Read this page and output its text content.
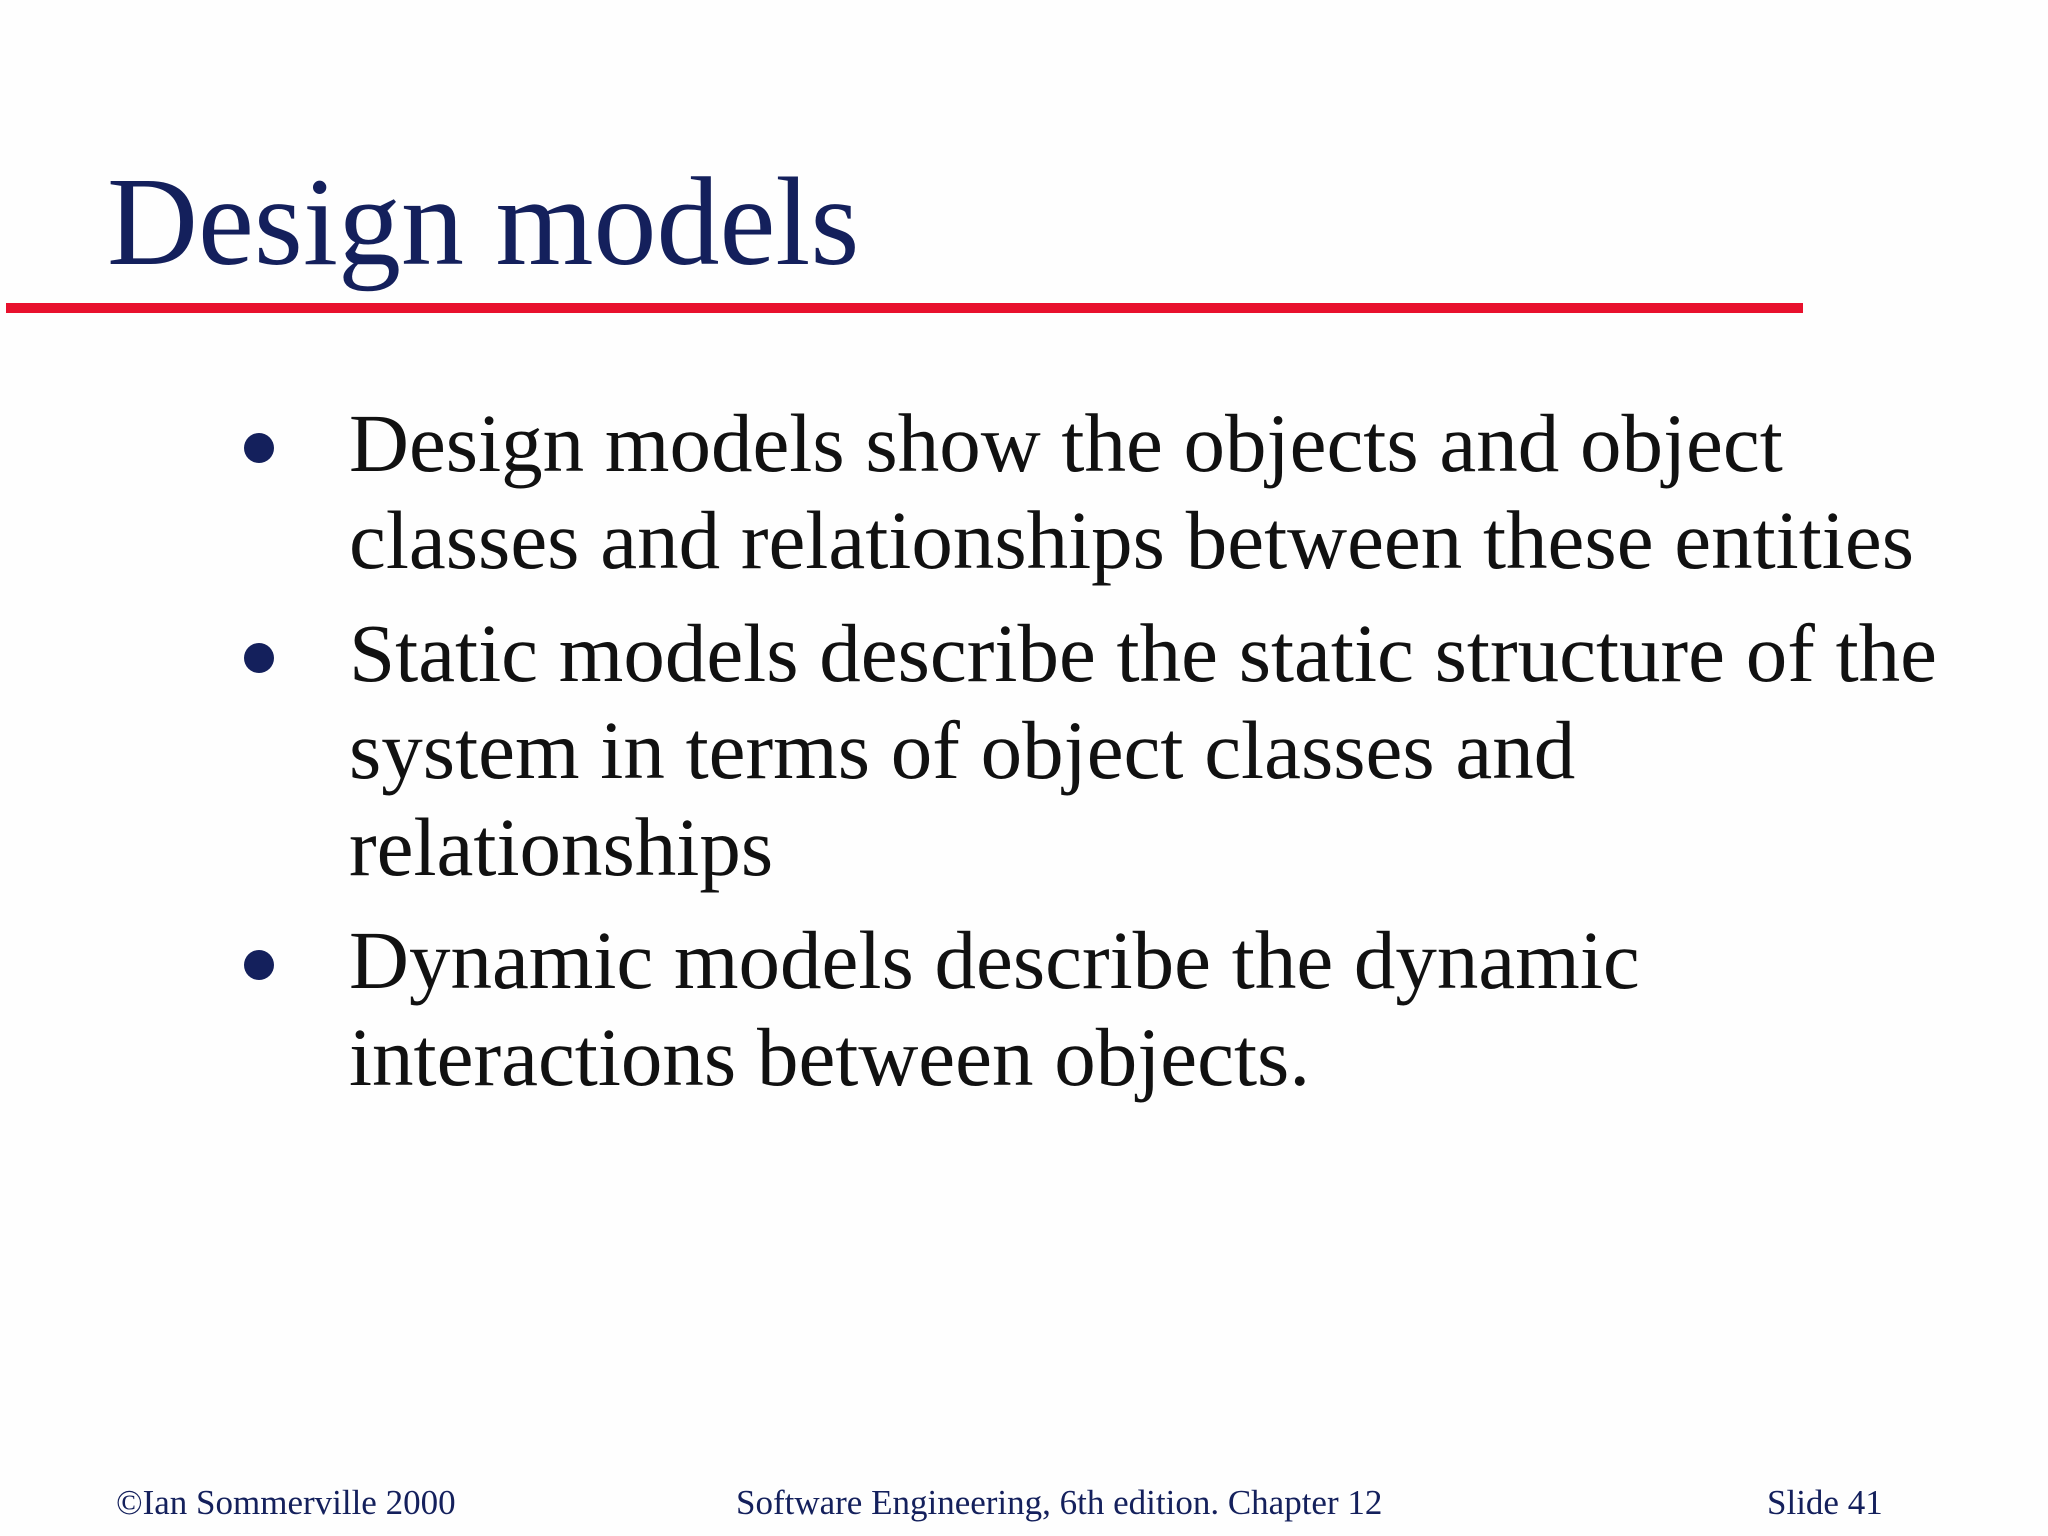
Design models
Design models show the objects and object classes and relationships between these entities
Static models describe the static structure of the system in terms of object classes and relationships
Dynamic models describe the dynamic interactions between objects.
©Ian Sommerville 2000	Software Engineering, 6th edition. Chapter 12	Slide 41
